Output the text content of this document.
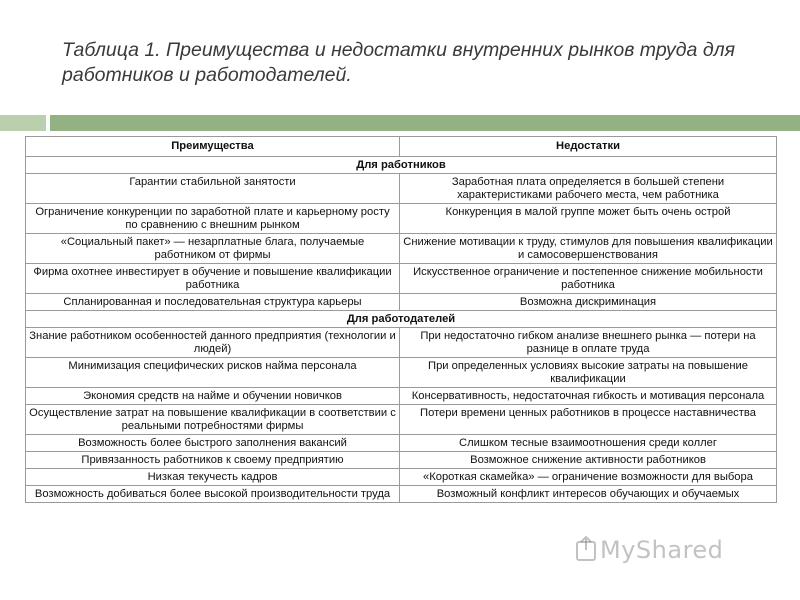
Таблица 1. Преимущества и недостатки внутренних рынков труда для работников и работодателей.
Преимущества	Недостатки
Для работников	
Гарантии стабильной занятости	Заработная плата определяется в большей степени характеристиками рабочего места, чем работника
Ограничение конкуренции по заработной плате и карьерному росту по сравнению с внешним рынком	Конкуренция в малой группе может быть очень острой
«Социальный пакет» — незарплатные блага, получаемые работником от фирмы	Снижение мотивации к труду, стимулов для повышения квалификации и самосовершенствования
Фирма охотнее инвестирует в обучение и повышение квалификации работника	Искусственное ограничение и постепенное снижение мобильности работника
Спланированная и последовательная структура карьеры	Возможна дискриминация
Для работодателей	
Знание работником особенностей данного предприятия (технологии и людей)	При недостаточно гибком анализе внешнего рынка — потери на разнице в оплате труда
Минимизация специфических рисков найма персонала	При определенных условиях высокие затраты на повышение квалификации
Экономия средств на найме и обучении новичков	Консервативность, недостаточная гибкость и мотивация персонала
Осуществление затрат на повышение квалификации в соответствии с реальными потребностями фирмы	Потери времени ценных работников в процессе наставничества
Возможность более быстрого заполнения вакансий	Слишком тесные взаимоотношения среди коллег
Привязанность работников к своему предприятию	Возможное снижение активности работников
Низкая текучесть кадров	«Короткая скамейка» — ограничение возможности для выбора
Возможность добиваться более высокой производительности труда	Возможный конфликт интересов обучающих и обучаемых
MyShared
